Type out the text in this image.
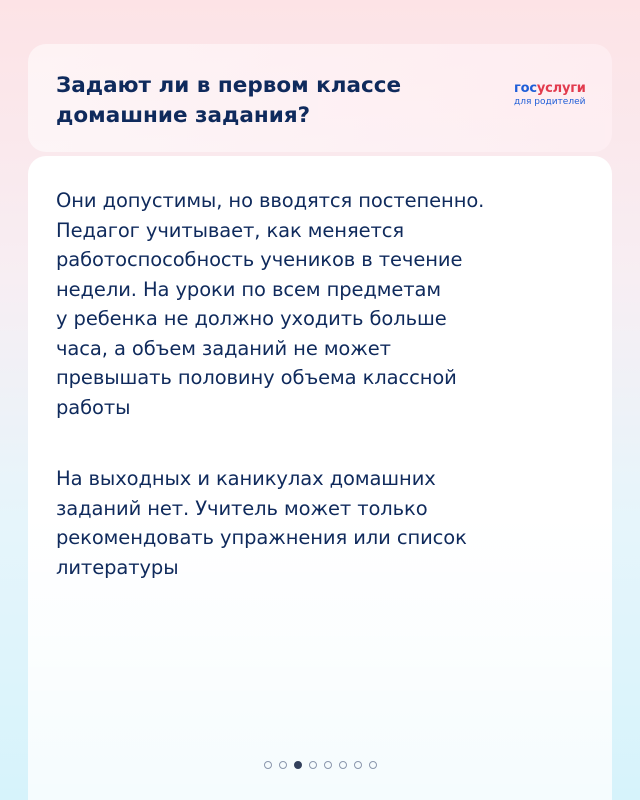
Задают ли в первом классе
домашние задания?
госуслуги
для родителей

Они допустимы, но вводятся постепенно.
Педагог учитывает, как меняется
работоспособность учеников в течение
недели. На уроки по всем предметам
у ребенка не должно уходить больше
часа, а объем заданий не может
превышать половину объема классной
работы

На выходных и каникулах домашних
заданий нет. Учитель может только
рекомендовать упражнения или список
литературы
